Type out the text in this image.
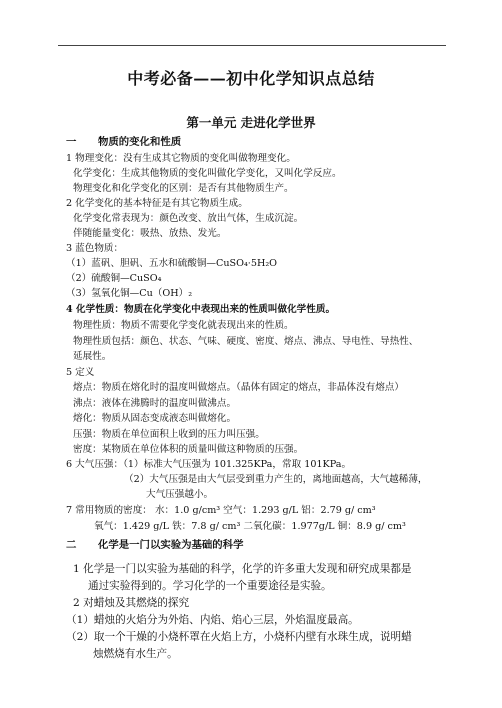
中考必备——初中化学知识点总结
第一单元 走进化学世界
一 物质的变化和性质
1 物理变化：没有生成其它物质的变化叫做物理变化。
化学变化：生成其他物质的变化叫做化学变化，又叫化学反应。
物理变化和化学变化的区别：是否有其他物质生产。
2 化学变化的基本特征是有其它物质生成。
化学变化常表现为：颜色改变、放出气体，生成沉淀。
伴随能量变化：吸热、放热、发光。
3 蓝色物质：
（1）蓝矾、胆矾、五水和硫酸铜—CuSO₄·5H₂O
（2）硫酸铜—CuSO₄
（3）氢氧化铜—Cu（OH）₂
4 化学性质：物质在化学变化中表现出来的性质叫做化学性质。
物理性质：物质不需要化学变化就表现出来的性质。
物理性质包括：颜色、状态、气味、硬度、密度、熔点、沸点、导电性、导热性、
延展性。
5 定义
熔点：物质在熔化时的温度叫做熔点。（晶体有固定的熔点，非晶体没有熔点）
沸点：液体在沸腾时的温度叫做沸点。
熔化：物质从固态变成液态叫做熔化。
压强：物质在单位面积上收到的压力叫压强。
密度：某物质在单位体积的质量叫做这种物质的压强。
6 大气压强：（1）标准大气压强为 101.325KPa，常取 101KPa。
（2）大气压强是由大气层受到重力产生的，离地面越高，大气越稀薄，
大气压强越小。
7 常用物质的密度： 水：1.0 g/cm³ 空气：1.293 g/L 铝：2.79 g/ cm³
氧气：1.429 g/L 铁：7.8 g/ cm³ 二氧化碳：1.977g/L 铜：8.9 g/ cm³
二 化学是一门以实验为基础的科学
1 化学是一门以实验为基础的科学，化学的许多重大发现和研究成果都是
通过实验得到的。学习化学的一个重要途径是实验。
2 对蜡烛及其燃烧的探究
（1）蜡烛的火焰分为外焰、内焰、焰心三层，外焰温度最高。
（2）取一个干燥的小烧杯罩在火焰上方，小烧杯内壁有水珠生成，说明蜡
烛燃烧有水生产。
